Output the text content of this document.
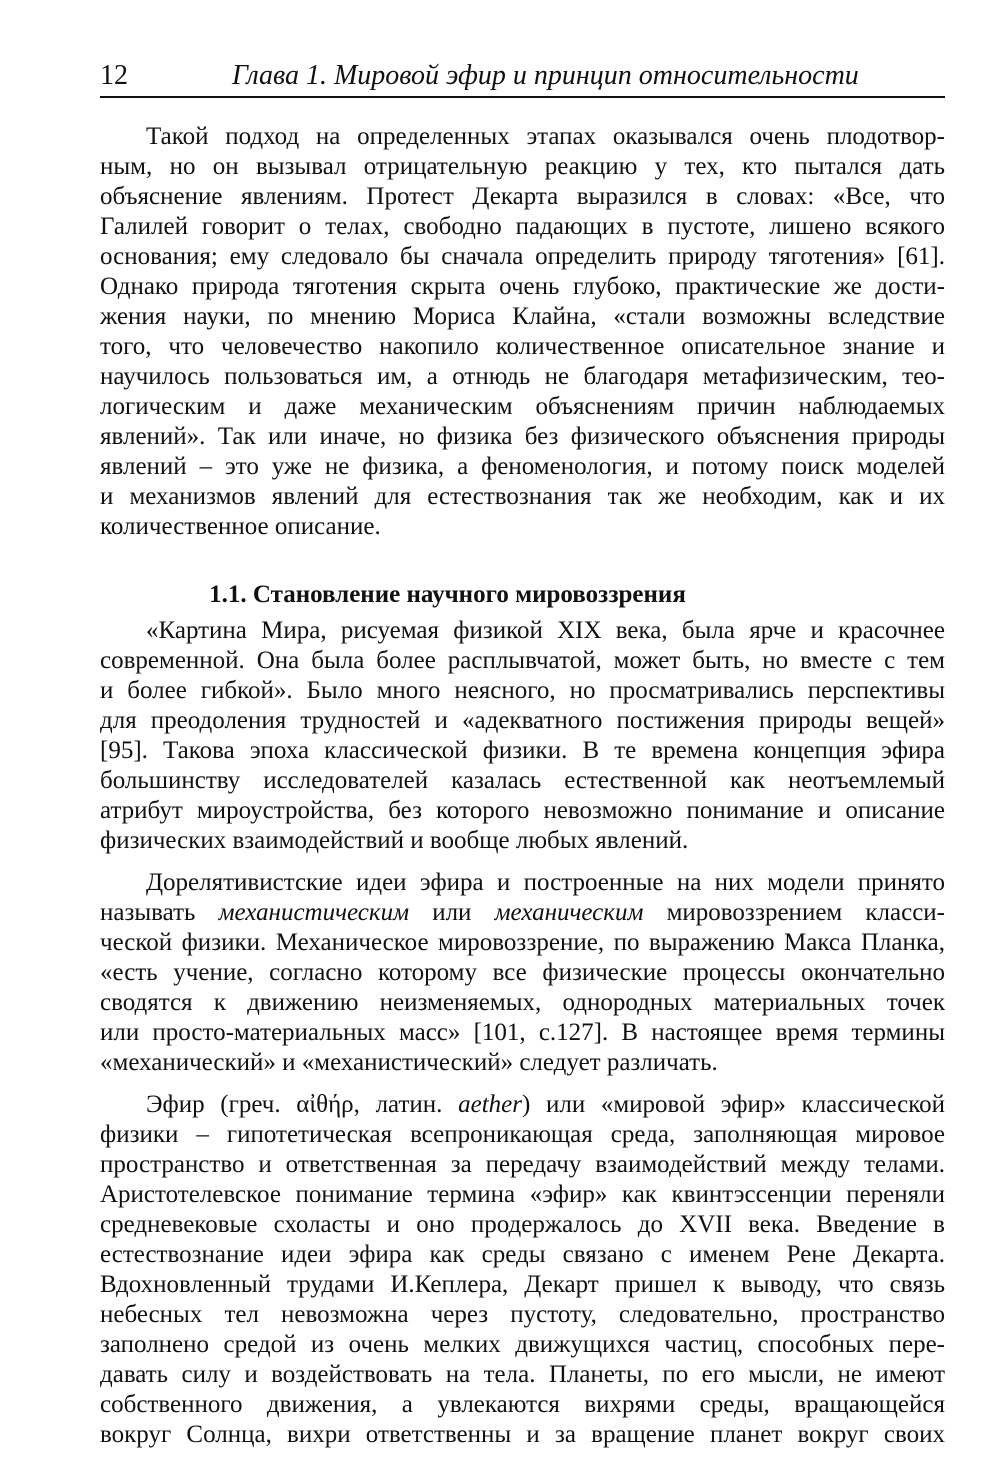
12	Глава 1. Мировой эфир и принцип относительности
Такой подход на определенных этапах оказывался очень плодотвор-
ным, но он вызывал отрицательную реакцию у тех, кто пытался дать
объяснение явлениям. Протест Декарта выразился в словах: «Все, что
Галилей говорит о телах, свободно падающих в пустоте, лишено всякого
основания; ему следовало бы сначала определить природу тяготения» [61].
Однако природа тяготения скрыта очень глубоко, практические же дости-
жения науки, по мнению Мориса Клайна, «стали возможны вследствие
того, что человечество накопило количественное описательное знание и
научилось пользоваться им, а отнюдь не благодаря метафизическим, тео-
логическим и даже механическим объяснениям причин наблюдаемых
явлений». Так или иначе, но физика без физического объяснения природы
явлений – это уже не физика, а феноменология, и потому поиск моделей
и механизмов явлений для естествознания так же необходим, как и их
количественное описание.
1.1. Становление научного мировоззрения
«Картина Мира, рисуемая физикой XIX века, была ярче и красочнее
современной. Она была более расплывчатой, может быть, но вместе с тем
и более гибкой». Было много неясного, но просматривались перспективы
для преодоления трудностей и «адекватного постижения природы вещей»
[95]. Такова эпоха классической физики. В те времена концепция эфира
большинству исследователей казалась естественной как неотъемлемый
атрибут мироустройства, без которого невозможно понимание и описание
физических взаимодействий и вообще любых явлений.
Дорелятивистские идеи эфира и построенные на них модели принято
называть механистическим или механическим мировоззрением класси-
ческой физики. Механическое мировоззрение, по выражению Макса Планка,
«есть учение, согласно которому все физические процессы окончательно
сводятся к движению неизменяемых, однородных материальных точек
или просто-материальных масс» [101, с.127]. В настоящее время термины
«механический» и «механистический» следует различать.
Эфир (греч. αἰθήρ, латин. aether) или «мировой эфир» классической
физики – гипотетическая всепроникающая среда, заполняющая мировое
пространство и ответственная за передачу взаимодействий между телами.
Аристотелевское понимание термина «эфир» как квинтэссенции переняли
средневековые схоласты и оно продержалось до XVII века. Введение в
естествознание идеи эфира как среды связано с именем Рене Декарта.
Вдохновленный трудами И.Кеплера, Декарт пришел к выводу, что связь
небесных тел невозможна через пустоту, следовательно, пространство
заполнено средой из очень мелких движущихся частиц, способных пере-
давать силу и воздействовать на тела. Планеты, по его мысли, не имеют
собственного движения, а увлекаются вихрями среды, вращающейся
вокруг Солнца, вихри ответственны и за вращение планет вокруг своих
